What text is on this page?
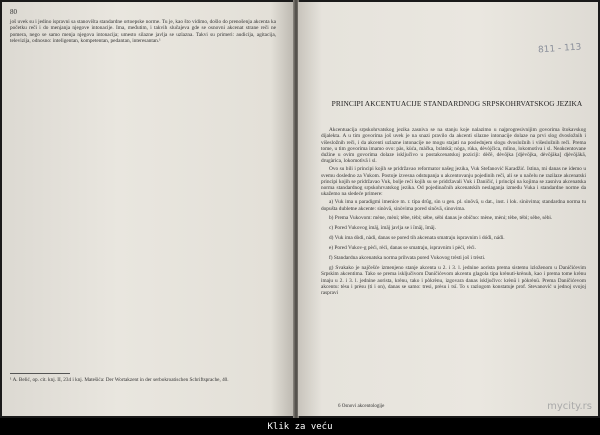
80

još uvek su i jedino ispravni sa stanovišta standardne ortoepske norme. Tu je, kao što vidimo, došlo do prenošenja akcenta ka početku reči i do menjanja njegove intonacije. Ima, međutim, i takvih slučajeva gde se osnovni akcenat strane reči ne pomera, nego se samo menja njegova intonacija; umesto silazne javlja se uzlazna. Takvi su primeri: audicija, agitacija, televizija, odnosno: inteligentan, kompetentan, pedantan, interesantan.¹

¹ A. Belić, op. cit. knj. II, 234 i knj. Matešića: Der Wortakzent in der serbokroatischen Schriftsprache, 40.
811 - 113
PRINCIPI AKCENTUACIJE STANDARDNOG SRPSKOHRVATSKOG JEZIKA

Akcentuacija srpskohrvatskog jezika zasniva se na stanju koje nalazimo u najprogresivnijim govorima štokavskog dijalekta. A u tim govorima još uvek je na snazi pravilo da akcenti silazne intonacije dolaze na prvi slog dvosložnih i višesložnih reči, i da akcenti uzlazne intonacije ne mogu stajati na poslednjem slogu dvosložnih i višesložnih reči. Prema tome, u tim govorima imamo ovo: pàs, kùća, màčka, bràtskā; nòga, rùka, dèvòjčica, mlìno, lokomotìva i sl. Neakcentovane dužine u ovim govorima dolaze isključivo u postakcenatskoj poziciji: dèčē, dèvōjka [djèvōjka, dèvōjāka] djèvōjākā, drugàrica, lokomotìvā i sl.

Ovo su bili i principi kojih se pridržavao reformator našeg jezika, Vuk Stefanović Karadžić. Istina, mi danas ne idemo u svemu dosledno za Vukom. Postoje izvesna odstupanja u akcentovanju pojedinih reči, ali se u načelu ne razilaze akcenatski principi kojih se pridržavao Vuk, bolje reći kojih su se pridržavali Vuk i Daničić, i principi na kojima se zasniva akcenatska norma standardnog srpskohrvatskog jezika. Od pojedinačnih akcenatskih neslaganja između Vuka i standardne norme da ukažemo na sledeće primere:

a) Vuk ima u paradigmi imenice m. r. tipa drûg, sìn u gen. pl. sìnōvā, u dat., inst. i lok. sìnòvima; standardna norma tu dopušta dubletne akcente: sinòvā, sinòvima pored sìnōvā, sìnovima.

b) Prema Vukovom: mène, mèni; tèbe, tèbi; sèbe, sèbi danas je obično: mène, mèni; tèbe, tèbi; sèbe, sèbi.

c) Pored Vukovog ìmāj, ìmāj javlja se i īmāj, īmāj.

d) Vuk ima dòdi, nàdi, danas se pored tih akcenata smatraju ispravnim i dóđi, náđi.

e) Pored Vukov-g pèći, rèći, danas se smatraju, ispravnim i pèći, rèći.

f) Standardna akcenatska norma prihvata pored Vukovog trèsti još i trèsti.

g) Svakako je najčešće izmenjeno stanje akcenta u 2. i 3. l. jednine aorista prema sistemu izloženom u Daničićevim Srpskim akcentima. Tako se prema isključivom Daničićevom akcentu glagola tipa krènuti-krènuh, kao i prema tome krènu imaju u 2. i 3. l. jednine aorista, krènu, tako i pòkrènu, izgovara danas isključivo: krènū i pòkrènū. Prema Daničićevom akcentu: tèsu i prèsu (ti i on), danas se samo: tresi, prèsu i tsī. To s razlogom konstatuje prof. Stevanović u jednoj svojoj raspravi

6 Osnovi akcentologije	mycity.rs
Klik za veću
